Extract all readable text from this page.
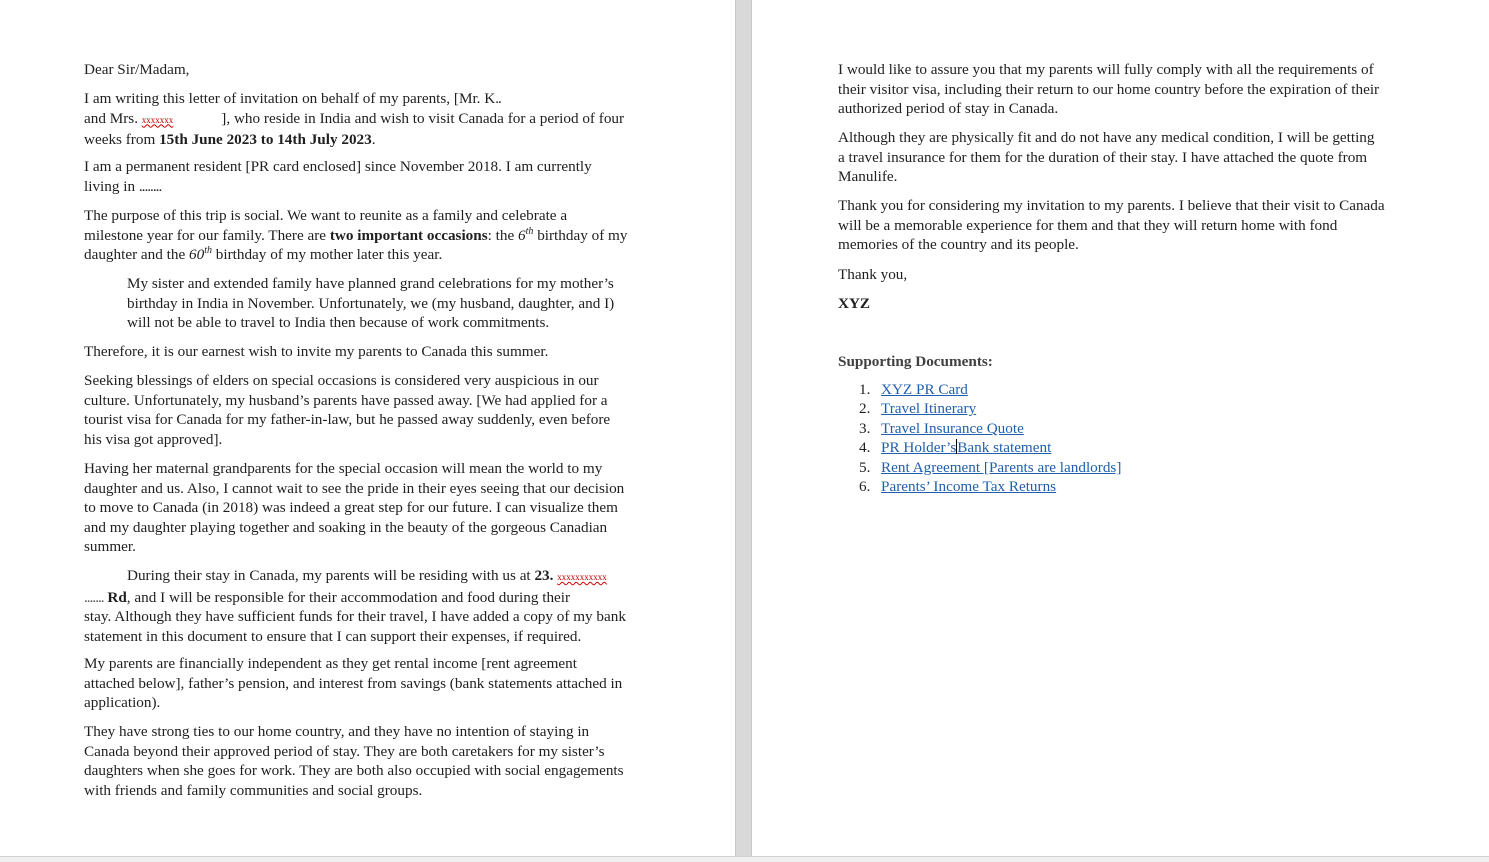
Dear Sir/Madam,

I am writing this letter of invitation on behalf of my parents, [Mr. K..
and Mrs. xxxxxxx	], who reside in India and wish to visit Canada for a period of four
weeks from 15th June 2023 to 14th July 2023.
I am a permanent resident [PR card enclosed] since November 2018. I am currently
living in ........
The purpose of this trip is social. We want to reunite as a family and celebrate a
milestone year for our family. There are two important occasions: the 6th birthday of my
daughter and the 60th birthday of my mother later this year.
My sister and extended family have planned grand celebrations for my mother’s
birthday in India in November. Unfortunately, we (my husband, daughter, and I)
will not be able to travel to India then because of work commitments.

Therefore, it is our earnest wish to invite my parents to Canada this summer.

Seeking blessings of elders on special occasions is considered very auspicious in our
culture. Unfortunately, my husband’s parents have passed away. [We had applied for a
tourist visa for Canada for my father-in-law, but he passed away suddenly, even before
his visa got approved].
Having her maternal grandparents for the special occasion will mean the world to my
daughter and us. Also, I cannot wait to see the pride in their eyes seeing that our decision
to move to Canada (in 2018) was indeed a great step for our future. I can visualize them
and my daughter playing together and soaking in the beauty of the gorgeous Canadian
summer.
During their stay in Canada, my parents will be residing with us at 23. xxxxxxxxxxx
....... Rd, and I will be responsible for their accommodation and food during their
stay. Although they have sufficient funds for their travel, I have added a copy of my bank
statement in this document to ensure that I can support their expenses, if required.
My parents are financially independent as they get rental income [rent agreement
attached below], father’s pension, and interest from savings (bank statements attached in
application).
They have strong ties to our home country, and they have no intention of staying in
Canada beyond their approved period of stay. They are both caretakers for my sister’s
daughters when she goes for work. They are both also occupied with social engagements
with friends and family communities and social groups.
I would like to assure you that my parents will fully comply with all the requirements of
their visitor visa, including their return to our home country before the expiration of their
authorized period of stay in Canada.
Although they are physically fit and do not have any medical condition, I will be getting
a travel insurance for them for the duration of their stay. I have attached the quote from
Manulife.
Thank you for considering my invitation to my parents. I believe that their visit to Canada
will be a memorable experience for them and that they will return home with fond
memories of the country and its people.

Thank you,

XYZ

Supporting Documents:

1. XYZ PR Card
2. Travel Itinerary
3. Travel Insurance Quote
4. PR Holder’sBank statement
5. Rent Agreement [Parents are landlords]
6. Parents’ Income Tax Returns
